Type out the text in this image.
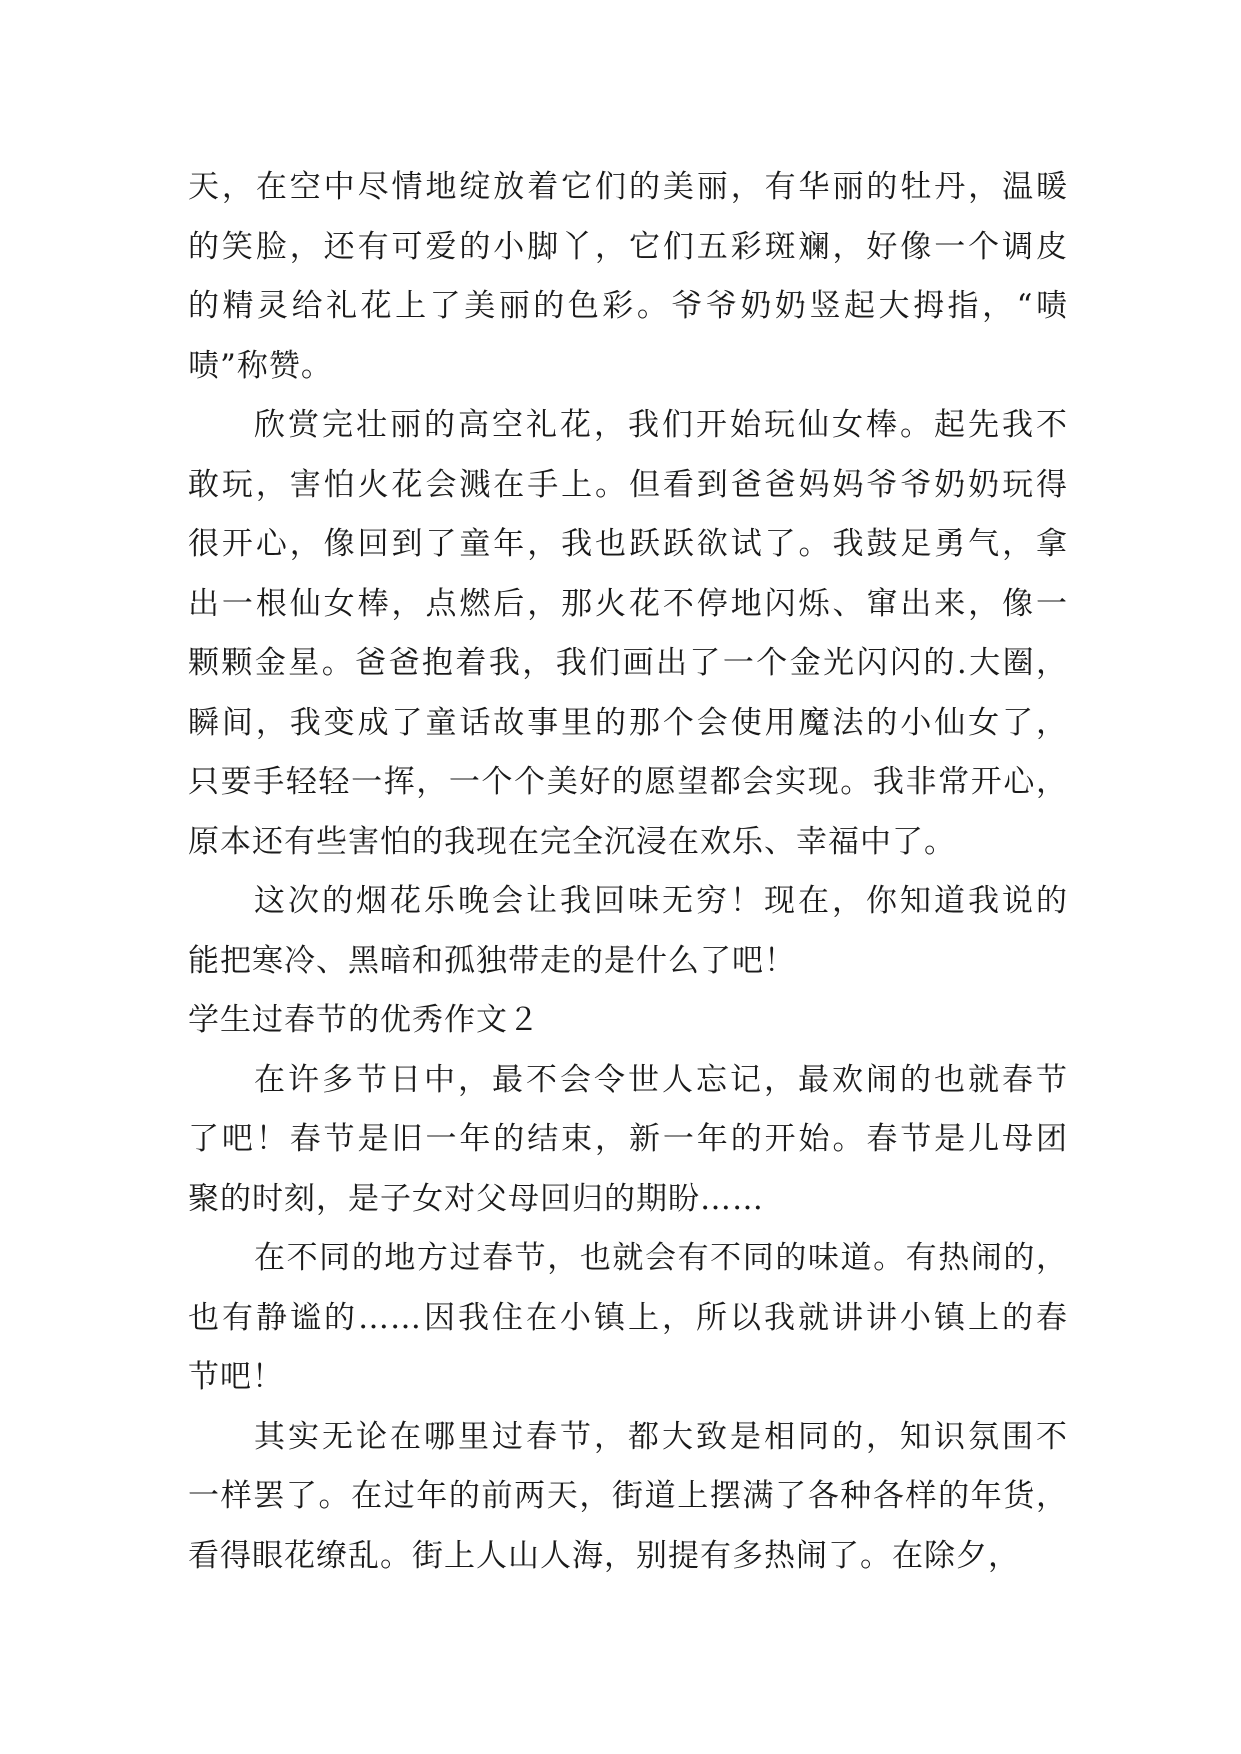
天，在空中尽情地绽放着它们的美丽，有华丽的牡丹，温暖
的笑脸，还有可爱的小脚丫，它们五彩斑斓，好像一个调皮
的精灵给礼花上了美丽的色彩。爷爷奶奶竖起大拇指，“啧
啧”称赞。
欣赏完壮丽的高空礼花，我们开始玩仙女棒。起先我不
敢玩，害怕火花会溅在手上。但看到爸爸妈妈爷爷奶奶玩得
很开心，像回到了童年，我也跃跃欲试了。我鼓足勇气，拿
出一根仙女棒，点燃后，那火花不停地闪烁、窜出来，像一
颗颗金星。爸爸抱着我，我们画出了一个金光闪闪的.大圈，
瞬间，我变成了童话故事里的那个会使用魔法的小仙女了，
只要手轻轻一挥，一个个美好的愿望都会实现。我非常开心，
原本还有些害怕的我现在完全沉浸在欢乐、幸福中了。
这次的烟花乐晚会让我回味无穷！现在，你知道我说的
能把寒冷、黑暗和孤独带走的是什么了吧！
学生过春节的优秀作文２
在许多节日中，最不会令世人忘记，最欢闹的也就春节
了吧！春节是旧一年的结束，新一年的开始。春节是儿母团
聚的时刻，是子女对父母回归的期盼……
在不同的地方过春节，也就会有不同的味道。有热闹的，
也有静谧的……因我住在小镇上，所以我就讲讲小镇上的春
节吧！
其实无论在哪里过春节，都大致是相同的，知识氛围不
一样罢了。在过年的前两天，街道上摆满了各种各样的年货，
看得眼花缭乱。街上人山人海，别提有多热闹了。在除夕，
